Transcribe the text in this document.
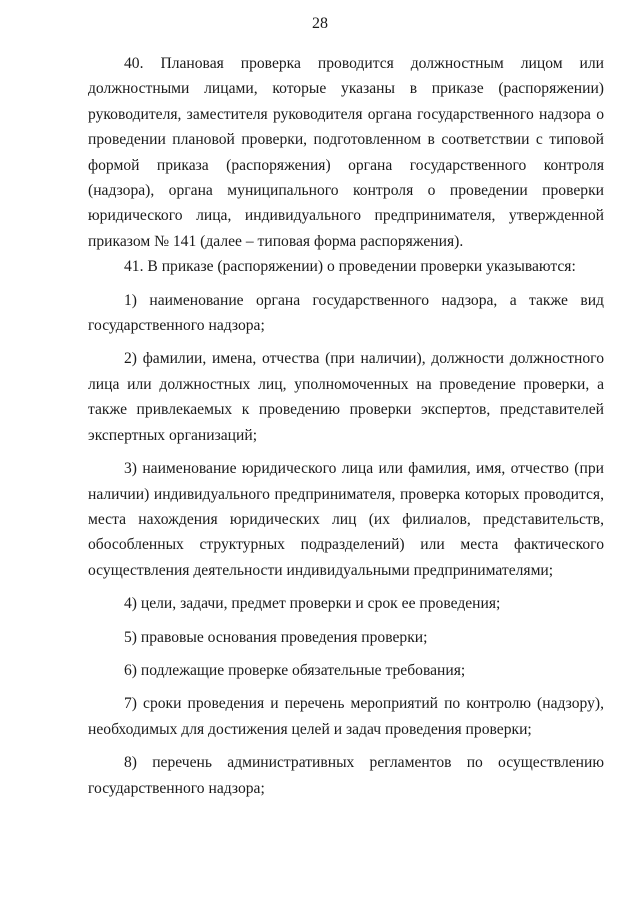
28

40. Плановая проверка проводится должностным лицом или должностными лицами, которые указаны в приказе (распоряжении) руководителя, заместителя руководителя органа государственного надзора о проведении плановой проверки, подготовленном в соответствии с типовой формой приказа (распоряжения) органа государственного контроля (надзора), органа муниципального контроля о проведении проверки юридического лица, индивидуального предпринимателя, утвержденной приказом № 141 (далее – типовая форма распоряжения).

41. В приказе (распоряжении) о проведении проверки указываются:

1) наименование органа государственного надзора, а также вид государственного надзора;

2) фамилии, имена, отчества (при наличии), должности должностного лица или должностных лиц, уполномоченных на проведение проверки, а также привлекаемых к проведению проверки экспертов, представителей экспертных организаций;

3) наименование юридического лица или фамилия, имя, отчество (при наличии) индивидуального предпринимателя, проверка которых проводится, места нахождения юридических лиц (их филиалов, представительств, обособленных структурных подразделений) или места фактического осуществления деятельности индивидуальными предпринимателями;

4) цели, задачи, предмет проверки и срок ее проведения;

5) правовые основания проведения проверки;

6) подлежащие проверке обязательные требования;

7) сроки проведения и перечень мероприятий по контролю (надзору), необходимых для достижения целей и задач проведения проверки;

8) перечень административных регламентов по осуществлению государственного надзора;
